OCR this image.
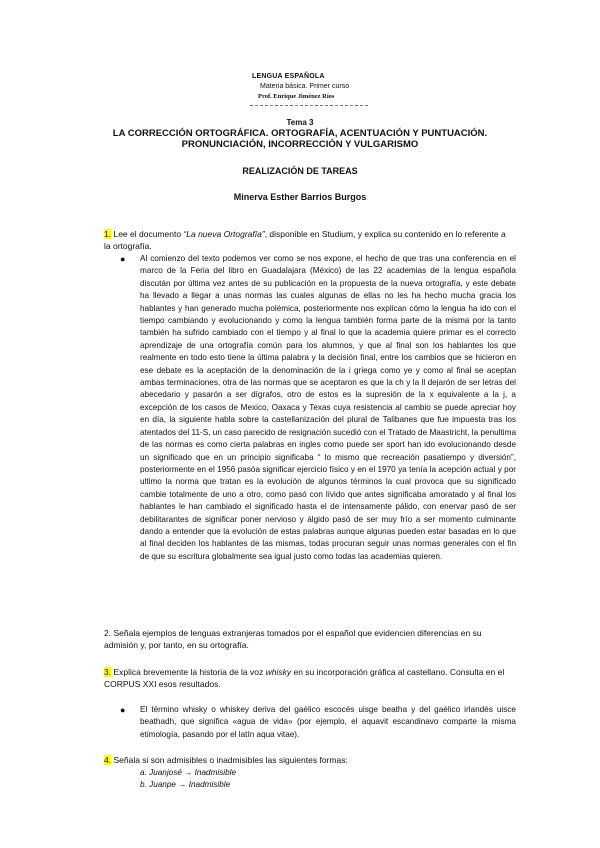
LENGUA ESPAÑOLA
Materia básica. Primer curso
Prof. Enrique Jiménez Ríos
Tema 3
LA CORRECCIÓN ORTOGRÁFICA. ORTOGRAFÍA, ACENTUACIÓN Y PUNTUACIÓN. PRONUNCIACIÓN, INCORRECCIÓN Y VULGARISMO
REALIZACIÓN DE TAREAS
Minerva Esther Barrios Burgos
1. Lee el documento “La nueva Ortografía”, disponible en Studium, y explica su contenido en lo referente a la ortografía.
● Al comienzo del texto podemos ver como se nos expone, el hecho de que tras una conferencia en el marco de la Feria del libro en Guadalajara (México) de las 22 academias de la lengua española discután por última vez antes de su publicación en la propuesta de la nueva ortografía, y este debate ha llevado a llegar a unas normas las cuales algunas de ellas no les ha hecho mucha gracia los hablantes y han generado mucha polémica, posteriormente nos explican cómo la lengua ha ido con el tiempo cambiando y evolucionando y como la lengua también forma parte de la misma por la tanto también ha sufrido cambiado con el tiempo y al final lo que la academia quiere primar es el correcto aprendizaje de una ortografía común para los alumnos, y que al final son los hablantes los que realmente en todo esto tiene la última palabra y la decisión final, entre los cambios que se hicieron en ese debate es la aceptación de la denominación de la i griega como ye y como al final se aceptan ambas terminaciones, otra de las normas que se aceptaron es que la ch y la ll dejarón de ser letras del abecedario y pasarón a ser dígrafos, otro de estos es la supresión de la x equivalente a la j, a excepción de los casos de Mexico, Oaxaca y Texas cuya resistencia al cambio se puede apreciar hoy en día, la siguiente habla sobre la castellanización del plural de Talibanes que fue impuesta tras los atentados del 11-S, un caso parecido de resignación sucedió con el Tratado de Maastricht, la penultima de las normas es como cierta palabras en ingles como puede ser sport han ido evolucionando desde un significado que en un principio significaba “ lo mismo que recreación pasatiempo y diversión”, posteriormente en el 1956 pasóa significar ejercicio físico y en el 1970 ya tenía la acepción actual y por ultimo la norma que tratan es la evolución de algunos términos la cual provoca que su significado cambie totalmente de uno a otro, como pasó con lívido que antes significaba amoratado y al final los hablantes le han cambiado el significado hasta el de intensamente pálido, con enervar pasó de ser debilitarantes de significar poner nervioso y álgido pasó de ser muy frío a ser momento culminante dando a entender que la evolución de estas palabras aunque algunas pueden estar basadas en lo que al final deciden los hablantes de las mismas, todas procuran seguir unas normas generales con el fin de que su escritura globalmente sea igual justo como todas las academias quieren.
2. Señala ejemplos de lenguas extranjeras tomados por el español que evidencien diferencias en su admisión y, por tanto, en su ortografía.
3. Explica brevemente la historia de la voz whisky en su incorporación gráfica al castellano. Consulta en el CORPUS XXI esos resultados.
● El término whisky o whiskey deriva del gaélico escocés uisge beatha y del gaélico irlandés uisce beathadh, que significa «agua de vida» (por ejemplo, el aquavit escandinavo comparte la misma etimología, pasando por el latín aqua vitae).
4. Señala si son admisibles o inadmisibles las siguientes formas:
a. Juanjosé → Inadmisible
b. Juanpe → Inadmisible
